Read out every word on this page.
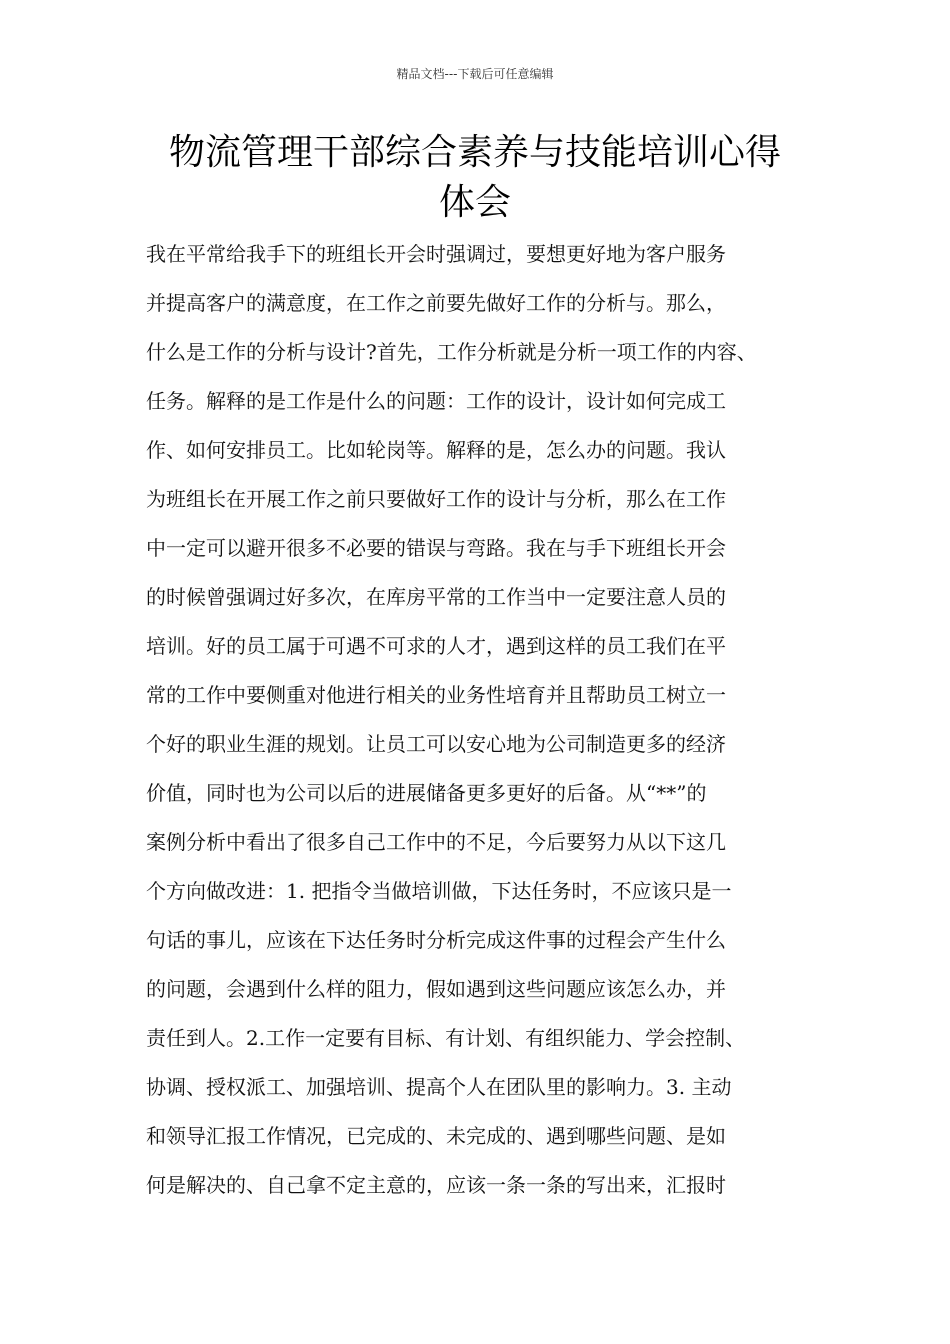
精品文档---下载后可任意编辑
物流管理干部综合素养与技能培训心得
体会
我在平常给我手下的班组长开会时强调过，要想更好地为客户服务
并提高客户的满意度，在工作之前要先做好工作的分析与。那么，
什么是工作的分析与设计?首先，工作分析就是分析一项工作的内容、
任务。解释的是工作是什么的问题：工作的设计，设计如何完成工
作、如何安排员工。比如轮岗等。解释的是，怎么办的问题。我认
为班组长在开展工作之前只要做好工作的设计与分析，那么在工作
中一定可以避开很多不必要的错误与弯路。我在与手下班组长开会
的时候曾强调过好多次，在库房平常的工作当中一定要注意人员的
培训。好的员工属于可遇不可求的人才，遇到这样的员工我们在平
常的工作中要侧重对他进行相关的业务性培育并且帮助员工树立一
个好的职业生涯的规划。让员工可以安心地为公司制造更多的经济
价值，同时也为公司以后的进展储备更多更好的后备。从“**”的
案例分析中看出了很多自己工作中的不足，今后要努力从以下这几
个方向做改进：1. 把指令当做培训做，下达任务时，不应该只是一
句话的事儿，应该在下达任务时分析完成这件事的过程会产生什么
的问题，会遇到什么样的阻力，假如遇到这些问题应该怎么办，并
责任到人。2.工作一定要有目标、有计划、有组织能力、学会控制、
协调、授权派工、加强培训、提高个人在团队里的影响力。3. 主动
和领导汇报工作情况，已完成的、未完成的、遇到哪些问题、是如
何是解决的、自己拿不定主意的，应该一条一条的写出来，汇报时
